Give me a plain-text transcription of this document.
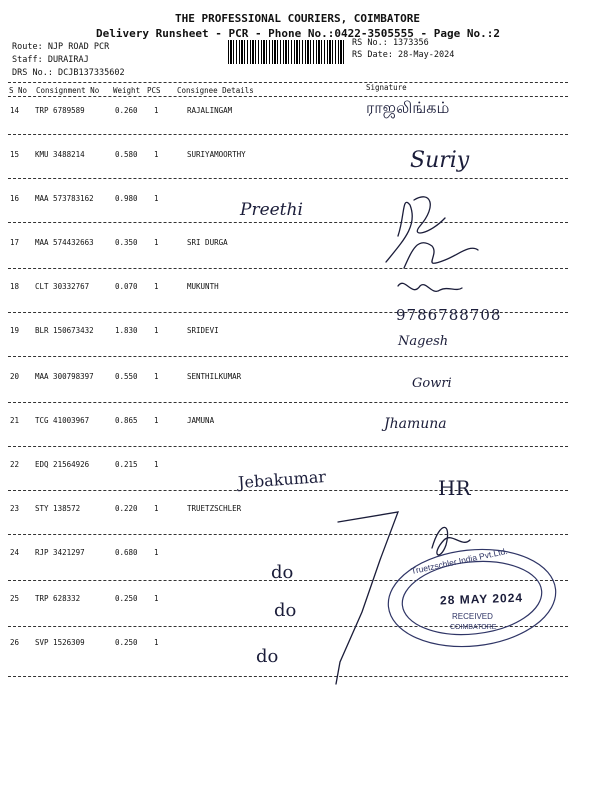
THE PROFESSIONAL COURIERS, COIMBATORE
Delivery Runsheet - PCR - Phone No.:0422-3505555 - Page No.:2
Route: NJP ROAD PCR
Staff: DURAIRAJ
DRS No.: DCJB137335602
RS No.: 1373356
RS Date: 28-May-2024
S No Consignment No Weight PCS Consignee Details	Signature
14 TRP 6789589	0.260 1	RAJALINGAM
15 KMU 3488214	0.580 1	SURIYAMOORTHY
16 MAA 573783162	0.980 1
17 MAA 574432663	0.350 1	SRI DURGA
18 CLT 30332767	0.070 1	MUKUNTH
19 BLR 150673432	1.830 1	SRIDEVI
20 MAA 300798397	0.550 1	SENTHILKUMAR
21 TCG 41003967	0.865 1	JAMUNA
22 EDQ 21564926	0.215 1
23 STY 138572	0.220 1	TRUETZSCHLER
24 RJP 3421297	0.680 1
25 TRP 628332	0.250 1
26 SVP 1526309	0.250 1
ராஜலிங்கம்
Suriy
Preethi
9786788708
Nagesh
Gowri
Jhamuna
Jebakumar	HR
do
do
do
Truetzschler India Pvt.Ltd.
28 MAY 2024
RECEIVED
COIMBATORE
